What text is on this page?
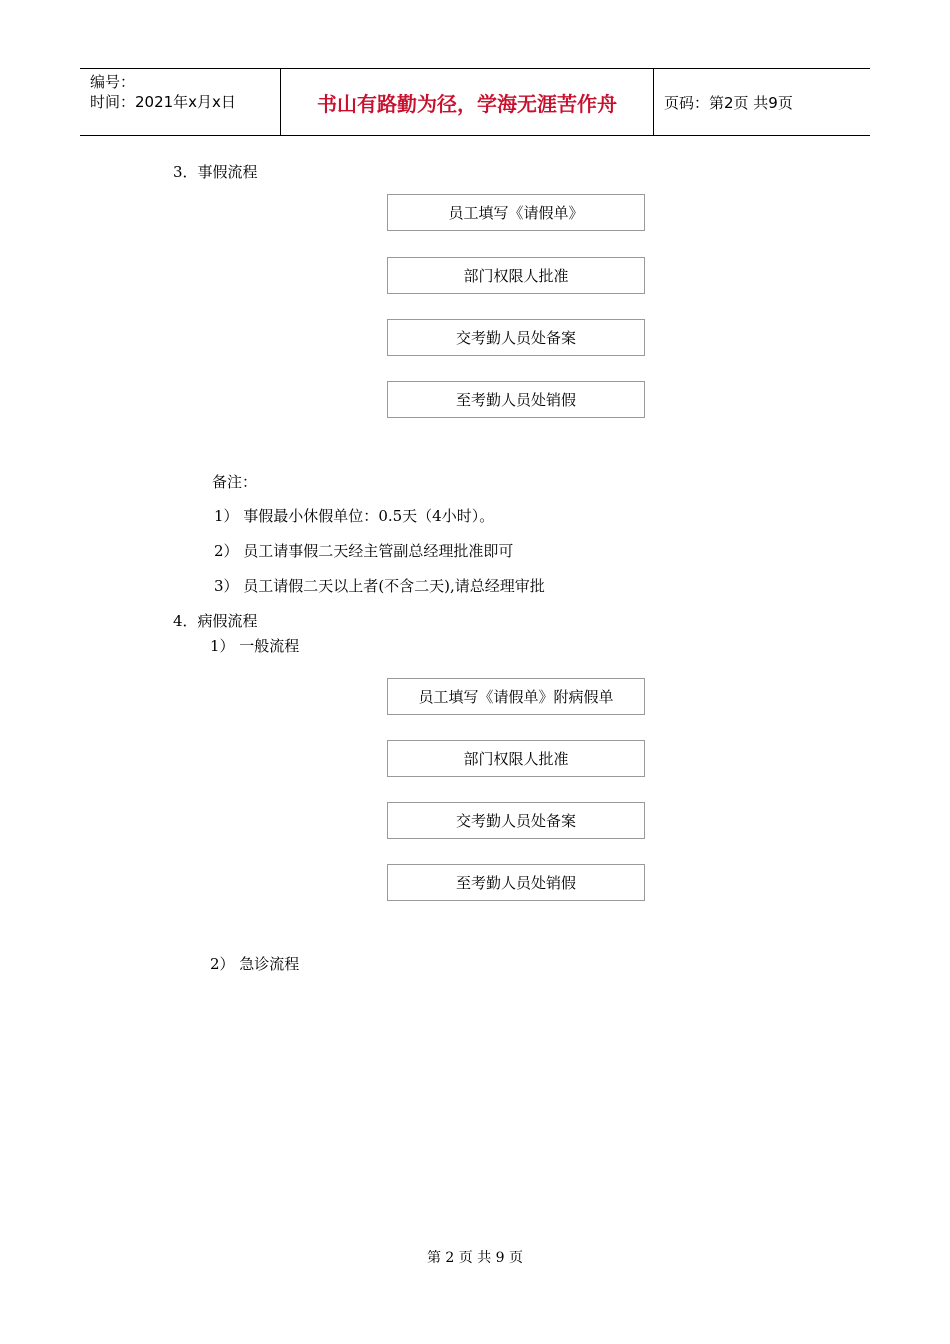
编号：
时间：2021年x月x日	书山有路勤为径，学海无涯苦作舟	页码：第2页 共9页
3．事假流程
员工填写《请假单》
部门权限人批准
交考勤人员处备案
至考勤人员处销假
备注：
1） 事假最小休假单位：0.5天（4小时）。
2） 员工请事假二天经主管副总经理批准即可
3） 员工请假二天以上者(不含二天),请总经理审批
4．病假流程
1） 一般流程
员工填写《请假单》附病假单
部门权限人批准
交考勤人员处备案
至考勤人员处销假
2） 急诊流程
第 2 页 共 9 页
